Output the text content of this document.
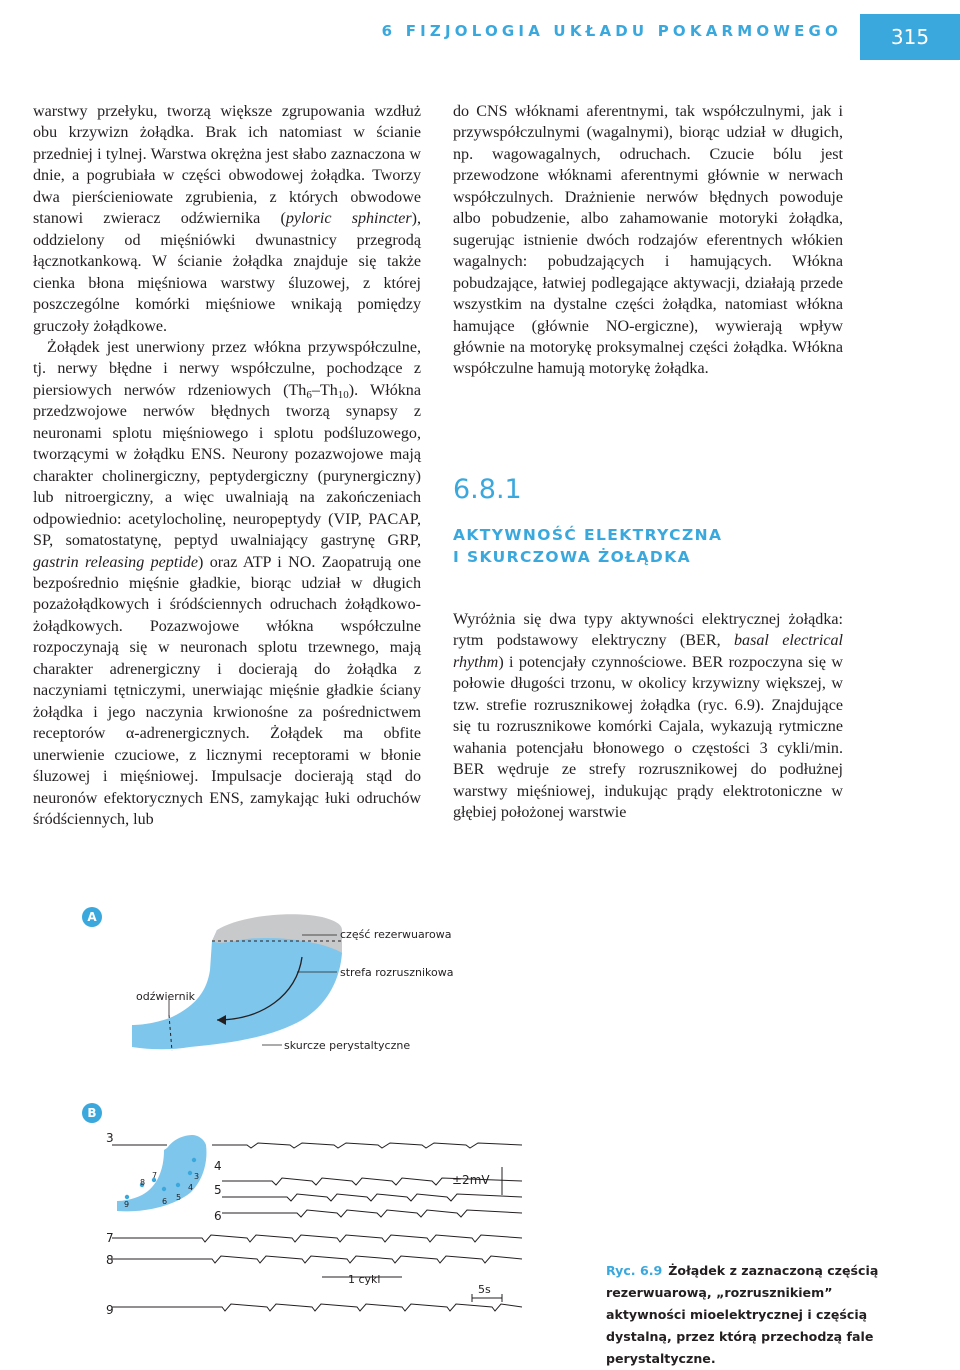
6 FIZJOLOGIA UKŁADU POKARMOWEGO	315

warstwy przełyku, tworzą większe zgrupowania wzdłuż obu krzywizn żołądka. Brak ich natomiast w ścianie przedniej i tylnej. Warstwa okrężna jest słabo zaznaczona w dnie, a pogrubiała w części obwodowej żołądka. Tworzy dwa pierścieniowate zgrubienia, z których obwodowe stanowi zwieracz odźwiernika (pyloric sphincter), oddzielony od mięśniówki dwunastnicy przegrodą łącznotkankową. W ścianie żołądka znajduje się także cienka błona mięśniowa warstwy śluzowej, z której poszczególne komórki mięśniowe wnikają pomiędzy gruczoły żołądkowe.

Żołądek jest unerwiony przez włókna przywspółczulne, tj. nerwy błędne i nerwy współczulne, pochodzące z piersiowych nerwów rdzeniowych $(Th_6-Th_{10})$. Włókna przedzwojowe nerwów błędnych tworzą synapsy z neuronami splotu mięśniowego i splotu podśluzowego, tworzącymi w żołądku ENS. Neurony pozazwojowe mają charakter cholinergiczny, peptydergiczny (purynergiczny) lub nitroergiczny, a więc uwalniają na zakończeniach odpowiednio: acetylocholinę, neuropeptydy (VIP, PACAP, SP, somatostatynę, peptyd uwalniający gastrynę GRP, gastrin releasing peptide) oraz ATP i NO. Zaopatrują one bezpośrednio mięśnie gładkie, biorąc udział w długich pozażołądkowych i śródściennych odruchach żołądkowo-żołądkowych. Pozazwojowe włókna współczulne rozpoczynają się w neuronach splotu trzewnego, mają charakter adrenergiczny i docierają do żołądka z naczyniami tętniczymi, unerwiając mięśnie gładkie ściany żołądka i jego naczynia krwionośne za pośrednictwem receptorów α-adrenergicznych. Żołądek ma obfite unerwienie czuciowe, z licznymi receptorami w błonie śluzowej i mięśniowej. Impulsacje docierają stąd do neuronów efektorycznych ENS, zamykając łuki odruchów śródściennych, lub

do CNS włóknami aferentnymi, tak współczulnymi, jak i przywspółczulnymi (wagalnymi), biorąc udział w długich, np. wagowagalnych, odruchach. Czucie bólu jest przewodzone włóknami aferentnymi głównie w nerwach współczulnych. Drażnienie nerwów błędnych powoduje albo pobudzenie, albo zahamowanie motoryki żołądka, sugerując istnienie dwóch rodzajów eferentnych włókien wagalnych: pobudzających i hamujących. Włókna pobudzające, łatwiej podlegające aktywacji, działają przede wszystkim na dystalne części żołądka, natomiast włókna hamujące (głównie NO-ergiczne), wywierają wpływ głównie na motorykę proksymalnej części żołądka. Włókna współczulne hamują motorykę żołądka.

6.8.1
AKTYWNOŚĆ ELEKTRYCZNA
I SKURCZOWA ŻOŁĄDKA
Wyróżnia się dwa typy aktywności elektrycznej żołądka: rytm podstawowy elektryczny (BER, basal electrical rhythm) i potencjały czynnościowe. BER rozpoczyna się w połowie długości trzonu, w okolicy krzywizny większej, w tzw. strefie rozrusznikowej żołądka (ryc. 6.9). Znajdujące się tu rozrusznikowe komórki Cajala, wykazują rytmiczne wahania potencjału błonowego o częstości 3 cykli/min. BER wędruje ze strefy rozrusznikowej do podłużnej warstwy mięśniowej, indukując prądy elektrotoniczne w głębiej położonej warstwie
A
B
część rezerwuarowa
strefa rozrusznikowa
odźwiernik
skurcze perystaltyczne
3
4
5
6
7
8
9
3
4
5
6
7
8
9
±2mV
1 cykl
5s
Ryc. 6.9 Żołądek z zaznaczoną częścią rezerwuarową, „rozrusznikiem” aktywności mioelektrycznej i częścią dystalną, przez którą przechodzą fale perystaltyczne.
